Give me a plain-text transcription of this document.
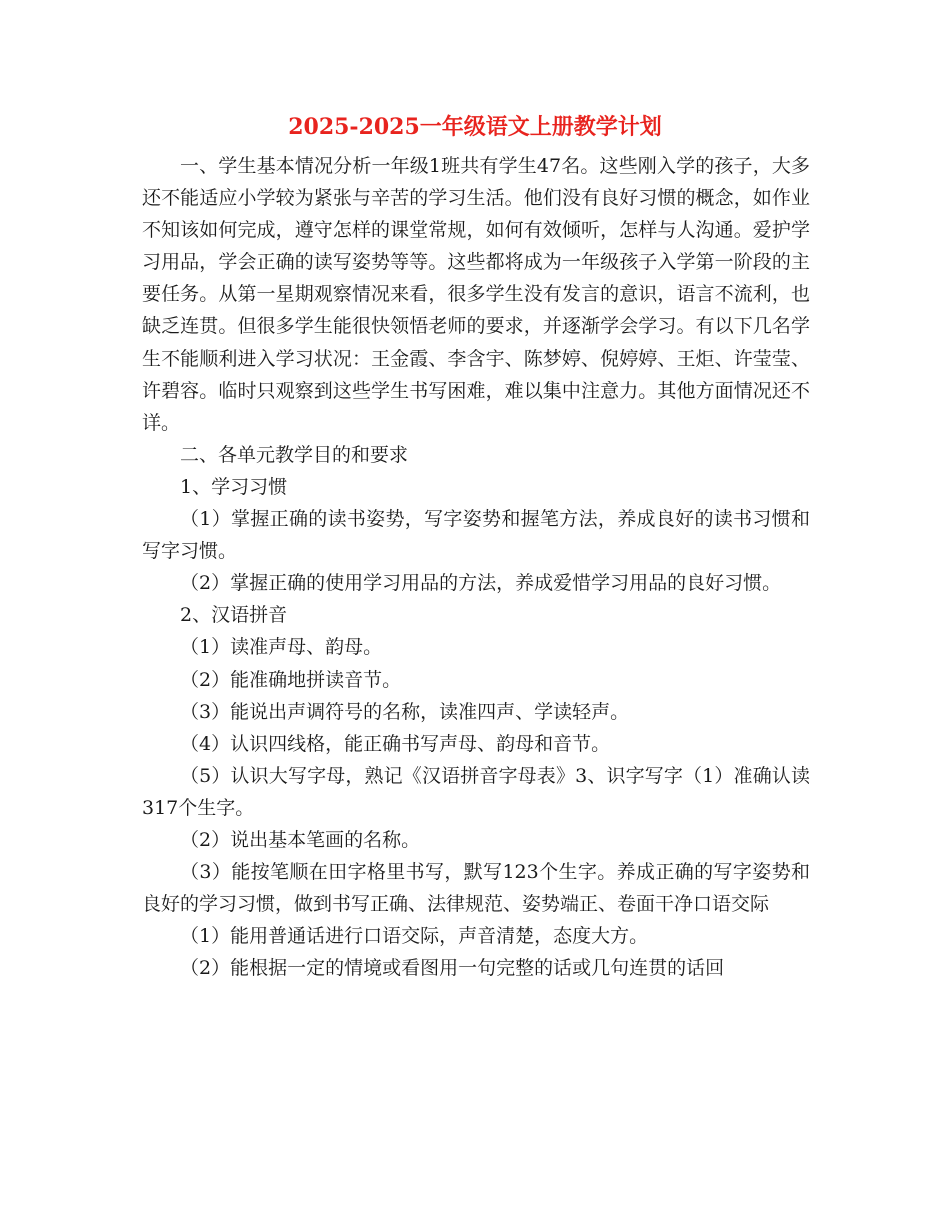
2025-2025一年级语文上册教学计划

一、学生基本情况分析一年级1班共有学生47名。这些刚入学的孩子，大多还不能适应小学较为紧张与辛苦的学习生活。他们没有良好习惯的概念，如作业不知该如何完成，遵守怎样的课堂常规，如何有效倾听，怎样与人沟通。爱护学习用品，学会正确的读写姿势等等。这些都将成为一年级孩子入学第一阶段的主要任务。从第一星期观察情况来看，很多学生没有发言的意识，语言不流利，也缺乏连贯。但很多学生能很快领悟老师的要求，并逐渐学会学习。有以下几名学生不能顺利进入学习状况：王金霞、李含宇、陈梦婷、倪婷婷、王炬、许莹莹、许碧容。临时只观察到这些学生书写困难，难以集中注意力。其他方面情况还不详。

二、各单元教学目的和要求

1、学习习惯

（1）掌握正确的读书姿势，写字姿势和握笔方法，养成良好的读书习惯和写字习惯。

（2）掌握正确的使用学习用品的方法，养成爱惜学习用品的良好习惯。

2、汉语拼音

（1）读准声母、韵母。

（2）能准确地拼读音节。

（3）能说出声调符号的名称，读准四声、学读轻声。

（4）认识四线格，能正确书写声母、韵母和音节。

（5）认识大写字母，熟记《汉语拼音字母表》3、识字写字（1）准确认读317个生字。

（2）说出基本笔画的名称。

（3）能按笔顺在田字格里书写，默写123个生字。养成正确的写字姿势和良好的学习习惯，做到书写正确、法律规范、姿势端正、卷面干净口语交际

（1）能用普通话进行口语交际，声音清楚，态度大方。

（2）能根据一定的情境或看图用一句完整的话或几句连贯的话回
